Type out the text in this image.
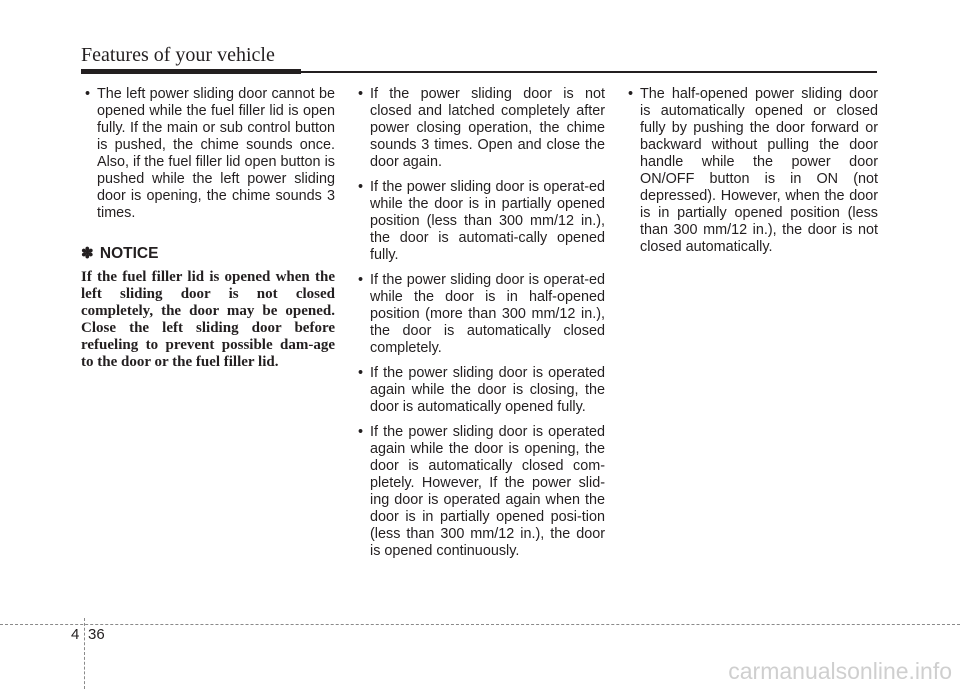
Features of your vehicle
• The left power sliding door cannot be opened while the fuel filler lid is open fully. If the main or sub control button is pushed, the chime sounds once. Also, if the fuel filler lid open button is pushed while the left power sliding door is opening, the chime sounds 3 times.
✽ NOTICE

If the fuel filler lid is opened when the left sliding door is not closed completely, the door may be opened. Close the left sliding door before refueling to prevent possible dam-age to the door or the fuel filler lid.

• If the power sliding door is not closed and latched completely after power closing operation, the chime sounds 3 times. Open and close the door again.
• If the power sliding door is operat-ed while the door is in partially opened position (less than 300 mm/12 in.), the door is automati-cally opened fully.
• If the power sliding door is operat-ed while the door is in half-opened position (more than 300 mm/12 in.), the door is automatically closed completely.
• If the power sliding door is operated again while the door is closing, the door is automatically opened fully.
• If the power sliding door is operated again while the door is opening, the door is automatically closed com-pletely. However, If the power slid-ing door is operated again when the door is in partially opened posi-tion (less than 300 mm/12 in.), the door is opened continuously.
• The half-opened power sliding door is automatically opened or closed fully by pushing the door forward or backward without pulling the door handle while the power door ON/OFF button is in ON (not depressed). However, when the door is in partially opened position (less than 300 mm/12 in.), the door is not closed automatically.
4 36
carmanualsonline.info
